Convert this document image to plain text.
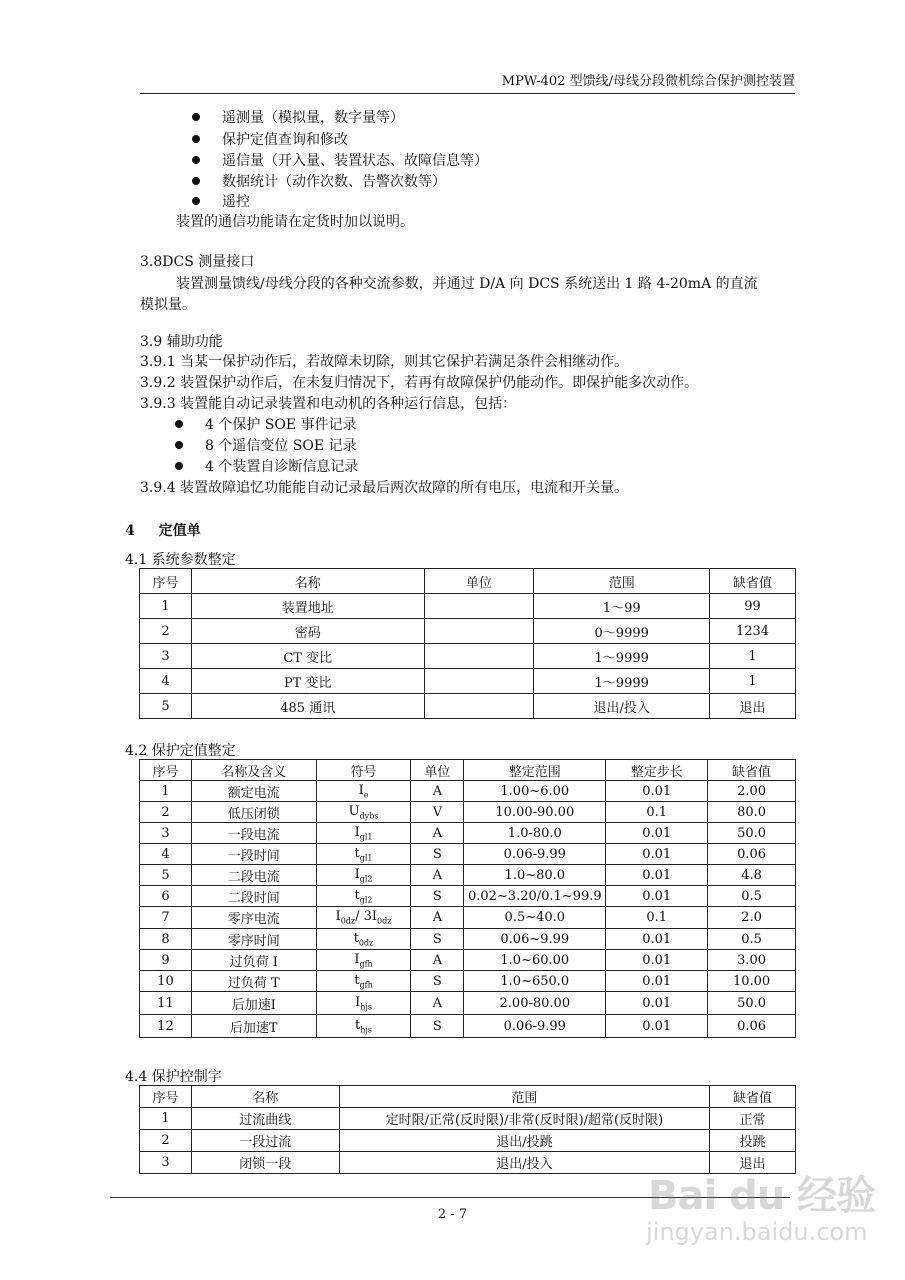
MPW-402 型馈线/母线分段微机综合保护测控装置
遥测量（模拟量，数字量等）
保护定值查询和修改
遥信量（开入量、装置状态、故障信息等）
数据统计（动作次数、告警次数等）
遥控
装置的通信功能请在定货时加以说明。
3.8DCS 测量接口
装置测量馈线/母线分段的各种交流参数，并通过 D/A 向 DCS 系统送出 1 路 4-20mA 的直流
模拟量。
3.9 辅助功能
3.9.1 当某一保护动作后，若故障未切除，则其它保护若满足条件会相继动作。
3.9.2 装置保护动作后，在未复归情况下，若再有故障保护仍能动作。即保护能多次动作。
3.9.3 装置能自动记录装置和电动机的各种运行信息，包括：
4 个保护 SOE 事件记录
8 个遥信变位 SOE 记录
4 个装置自诊断信息记录
3.9.4 装置故障追忆功能能自动记录最后两次故障的所有电压，电流和开关量。
4 定值单
4.1 系统参数整定
序号	名称	单位	范围	缺省值
1	装置地址		1～99	99
2	密码		0～9999	1234
3	CT 变比		1～9999	1
4	PT 变比		1～9999	1
5	485 通讯		退出/投入	退出
4.2 保护定值整定
序号	名称及含义	符号	单位	整定范围	整定步长	缺省值
1	额定电流	$I_e$	A	1.00~6.00	0.01	2.00
2	低压闭锁	$U_{dybs}$	V	10.00-90.00	0.1	80.0
3	一段电流	$I_{gl1}$	A	1.0-80.0	0.01	50.0
4	一段时间	$t_{gl1}$	S	0.06-9.99	0.01	0.06
5	二段电流	$I_{gl2}$	A	1.0~80.0	0.01	4.8
6	二段时间	$t_{gl2}$	S	0.02~3.20/0.1~99.9	0.01	0.5
7	零序电流	$I_{0dz}/$ $3I_{0dz}$	A	0.5~40.0	0.1	2.0
8	零序时间	$t_{0dz}$	S	0.06~9.99	0.01	0.5
9	过负荷 I	$I_{gfh}$	A	1.0~60.00	0.01	3.00
10	过负荷 T	$t_{gfh}$	S	1.0~650.0	0.01	10.00
11	后加速I	$I_{hjs}$	A	2.00-80.00	0.01	50.0
12	后加速T	$t_{hjs}$	S	0.06-9.99	0.01	0.06
4.4 保护控制字
序号	名称	范围	缺省值
1	过流曲线	定时限/正常(反时限)/非常(反时限)/超常(反时限)	正常
2	一段过流	退出/投跳	投跳
3	闭锁一段	退出/投入	退出
2 - 7	Bai du 经验
jingyan.baidu.com
